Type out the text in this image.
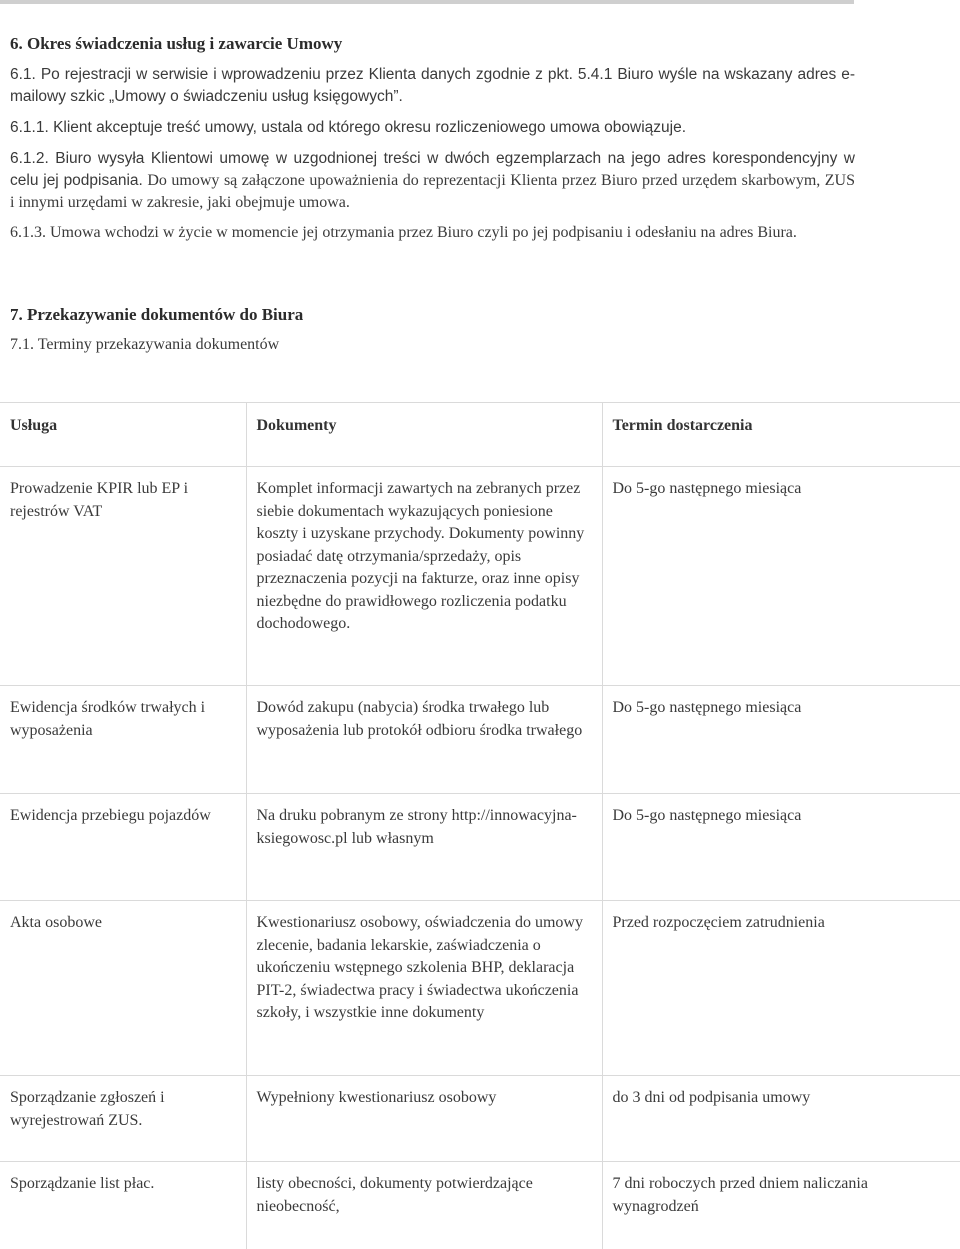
6. Okres świadczenia usług i zawarcie Umowy

6.1. Po rejestracji w serwisie i wprowadzeniu przez Klienta danych zgodnie z pkt. 5.4.1 Biuro wyśle na wskazany adres e-mailowy szkic „Umowy o świadczeniu usług księgowych”.

6.1.1. Klient akceptuje treść umowy, ustala od którego okresu rozliczeniowego umowa obowiązuje.

6.1.2. Biuro wysyła Klientowi umowę w uzgodnionej treści w dwóch egzemplarzach na jego adres korespondencyjny w celu jej podpisania. Do umowy są załączone upoważnienia do reprezentacji Klienta przez Biuro przed urzędem skarbowym, ZUS i innymi urzędami w zakresie, jaki obejmuje umowa.

6.1.3. Umowa wchodzi w życie w momencie jej otrzymania przez Biuro czyli po jej podpisaniu i odesłaniu na adres Biura.

7. Przekazywanie dokumentów do Biura

7.1. Terminy przekazywania dokumentów

Usługa	Dokumenty	Termin dostarczenia
Prowadzenie KPIR lub EP i rejestrów VAT	Komplet informacji zawartych na zebranych przez siebie dokumentach wykazujących poniesione koszty i uzyskane przychody. Dokumenty powinny posiadać datę otrzymania/sprzedaży, opis przeznaczenia pozycji na fakturze, oraz inne opisy niezbędne do prawidłowego rozliczenia podatku dochodowego.	Do 5-go następnego miesiąca
Ewidencja środków trwałych i wyposażenia	Dowód zakupu (nabycia) środka trwałego lub wyposażenia lub protokół odbioru środka trwałego	Do 5-go następnego miesiąca
Ewidencja przebiegu pojazdów	Na druku pobranym ze strony http://innowacyjna-ksiegowosc.pl lub własnym	Do 5-go następnego miesiąca
Akta osobowe	Kwestionariusz osobowy, oświadczenia do umowy zlecenie, badania lekarskie, zaświadczenia o ukończeniu wstępnego szkolenia BHP, deklaracja PIT-2, świadectwa pracy i świadectwa ukończenia szkoły, i wszystkie inne dokumenty	Przed rozpoczęciem zatrudnienia
Sporządzanie zgłoszeń i wyrejestrowań ZUS.	Wypełniony kwestionariusz osobowy	do 3 dni od podpisania umowy
Sporządzanie list płac.	listy obecności, dokumenty potwierdzające nieobecność,	7 dni roboczych przed dniem naliczania wynagrodzeń
